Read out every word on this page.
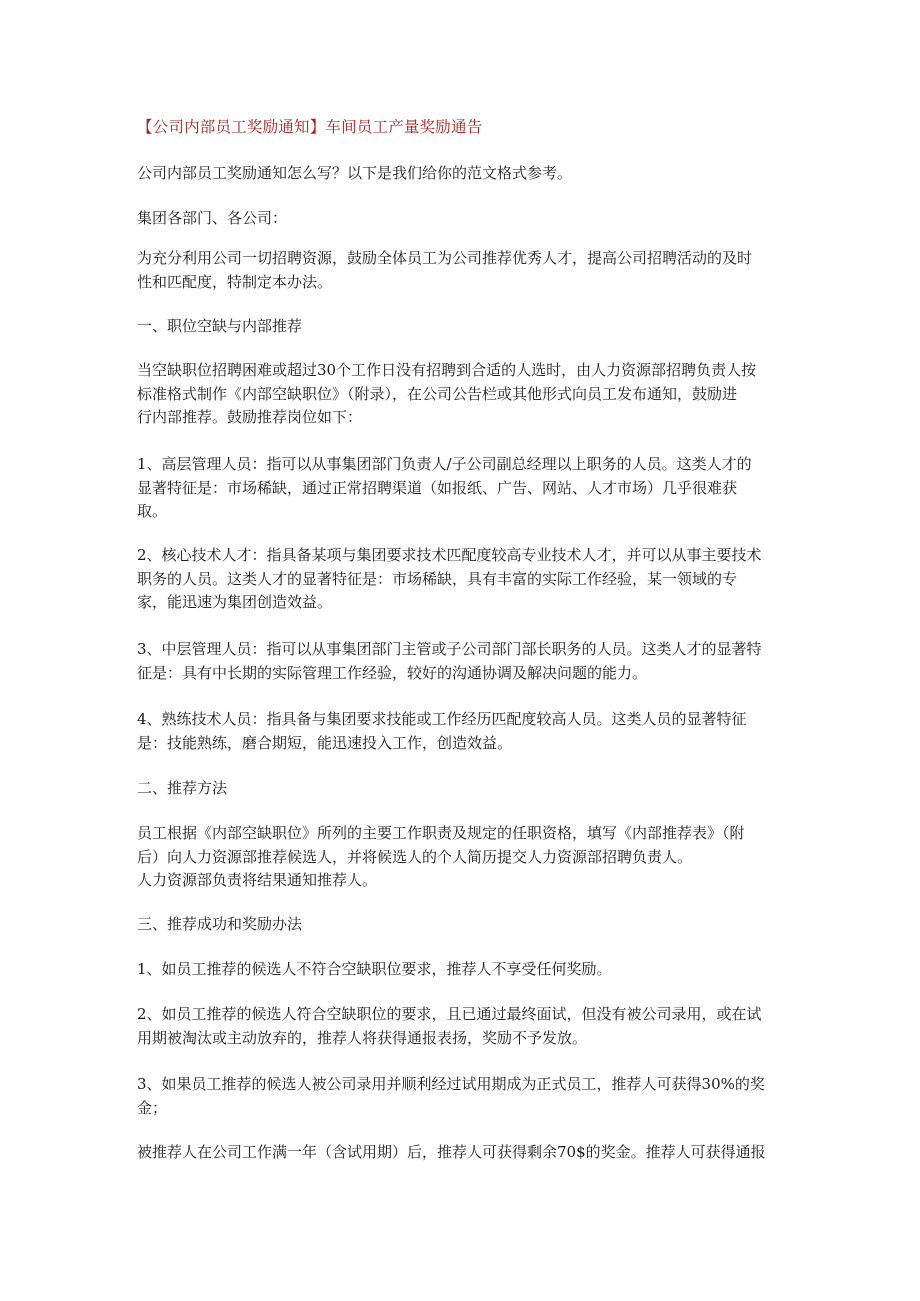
【公司内部员工奖励通知】车间员工产量奖励通告
公司内部员工奖励通知怎么写？以下是我们给你的范文格式参考。
集团各部门、各公司：
为充分利用公司一切招聘资源，鼓励全体员工为公司推荐优秀人才，提高公司招聘活动的及时
性和匹配度，特制定本办法。
一、职位空缺与内部推荐
当空缺职位招聘困难或超过30个工作日没有招聘到合适的人选时，由人力资源部招聘负责人按
标准格式制作《内部空缺职位》（附录），在公司公告栏或其他形式向员工发布通知，鼓励进
行内部推荐。鼓励推荐岗位如下：
1、高层管理人员：指可以从事集团部门负责人/子公司副总经理以上职务的人员。这类人才的
显著特征是：市场稀缺，通过正常招聘渠道（如报纸、广告、网站、人才市场）几乎很难获
取。
2、核心技术人才：指具备某项与集团要求技术匹配度较高专业技术人才，并可以从事主要技术
职务的人员。这类人才的显著特征是：市场稀缺，具有丰富的实际工作经验，某一领域的专
家，能迅速为集团创造效益。
3、中层管理人员：指可以从事集团部门主管或子公司部门部长职务的人员。这类人才的显著特
征是：具有中长期的实际管理工作经验，较好的沟通协调及解决问题的能力。
4、熟练技术人员：指具备与集团要求技能或工作经历匹配度较高人员。这类人员的显著特征
是：技能熟练，磨合期短，能迅速投入工作，创造效益。
二、推荐方法
员工根据《内部空缺职位》所列的主要工作职责及规定的任职资格，填写《内部推荐表》（附
后）向人力资源部推荐候选人，并将候选人的个人简历提交人力资源部招聘负责人。
人力资源部负责将结果通知推荐人。
三、推荐成功和奖励办法
1、如员工推荐的候选人不符合空缺职位要求，推荐人不享受任何奖励。
2、如员工推荐的候选人符合空缺职位的要求，且已通过最终面试，但没有被公司录用，或在试
用期被淘汰或主动放弃的，推荐人将获得通报表扬，奖励不予发放。
3、如果员工推荐的候选人被公司录用并顺利经过试用期成为正式员工，推荐人可获得30%的奖
金；
被推荐人在公司工作满一年（含试用期）后，推荐人可获得剩余70$的奖金。推荐人可获得通报
